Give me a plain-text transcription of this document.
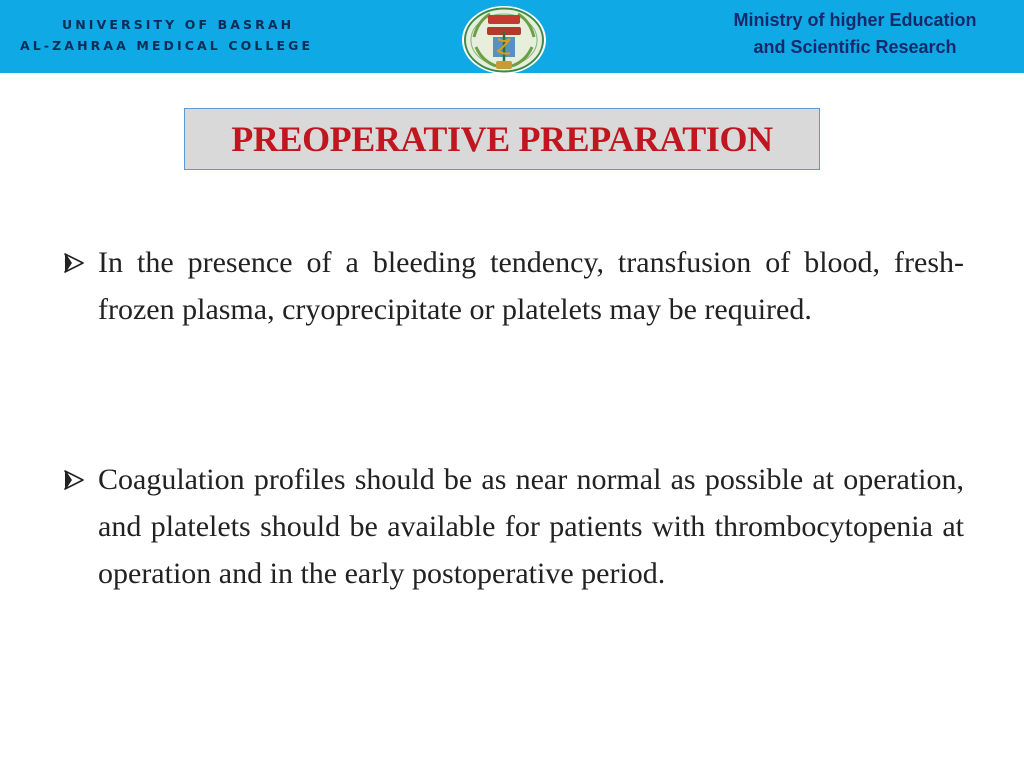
UNIVERSITY OF BASRAH
AL-ZAHRAA MEDICAL COLLEGE
Ministry of higher Education
and Scientific Research
PREOPERATIVE PREPARATION
In the presence of a bleeding tendency, transfusion of blood, fresh-frozen plasma, cryoprecipitate or platelets may be required.
Coagulation profiles should be as near normal as possible at operation, and platelets should be available for patients with thrombocytopenia at operation and in the early postoperative period.
